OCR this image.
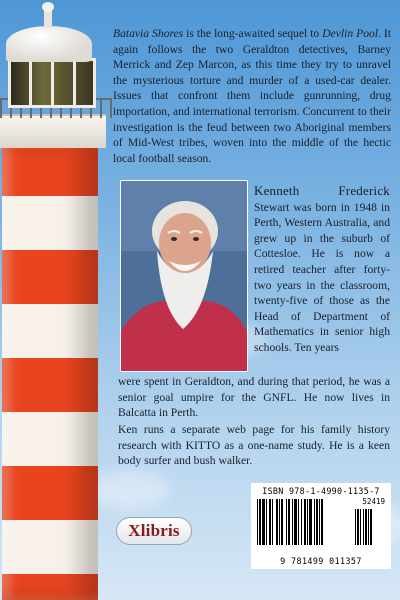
Batavia Shores is the long-awaited sequel to Devlin Pool. It again follows the two Geraldton detectives, Barney Merrick and Zep Marcon, as this time they try to unravel the mysterious torture and murder of a used-car dealer. Issues that confront them include gunrunning, drug importation, and international terrorism. Concurrent to their investigation is the feud between two Aboriginal members of Mid-West tribes, woven into the middle of the hectic local football season.

Kenneth Frederick Stewart was born in 1948 in Perth, Western Australia, and grew up in the suburb of Cottesloe. He is now a retired teacher after forty-two years in the classroom, twenty-five of those as the Head of Department of Mathematics in senior high schools. Ten years

were spent in Geraldton, and during that period, he was a senior goal umpire for the GNFL. He now lives in Balcatta in Perth.

Ken runs a separate web page for his family history research with KITTO as a one-name study. He is a keen body surfer and bush walker.

Xlibris
ISBN 978-1-4990-1135-7
52419
9 781499 011357
